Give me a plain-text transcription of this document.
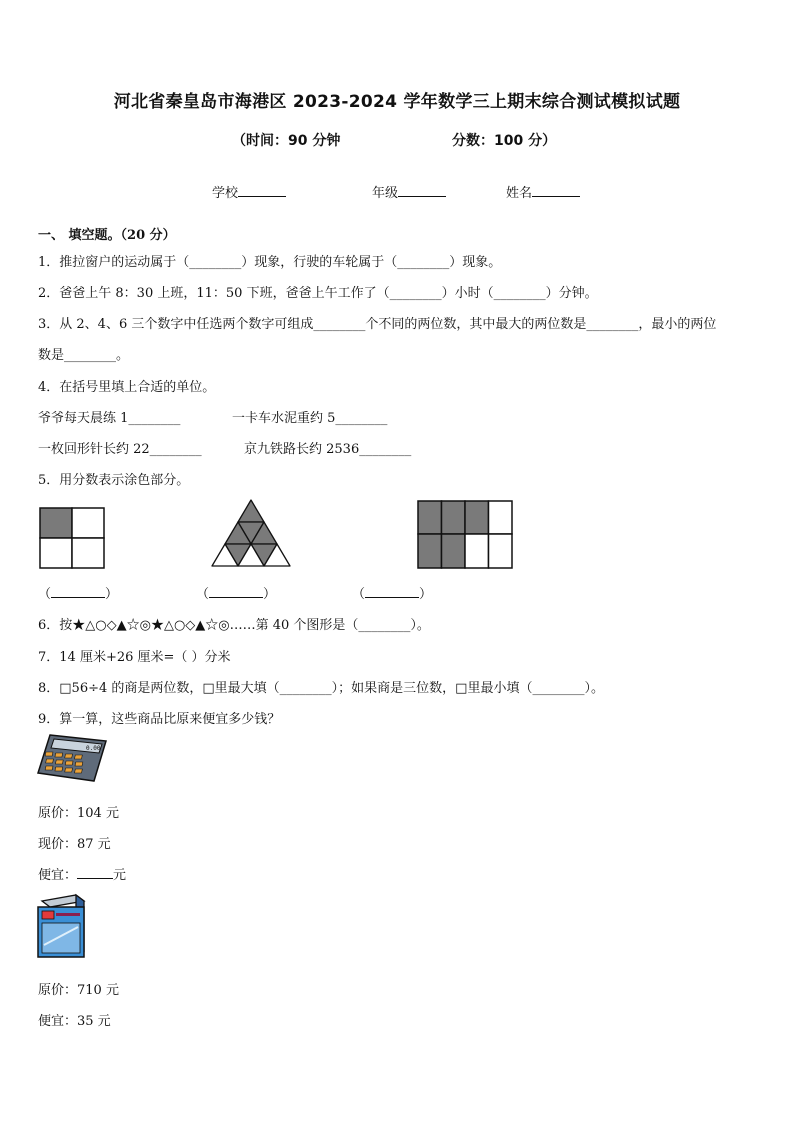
河北省秦皇岛市海港区 2023-2024 学年数学三上期末综合测试模拟试题
（时间：90 分钟	分数：100 分）
学校	年级	姓名
一、 填空题。（20 分）
1．推拉窗户的运动属于（________）现象，行驶的车轮属于（________）现象。
2．爸爸上午 8：30 上班，11：50 下班，爸爸上午工作了（________）小时（________）分钟。
3．从 2、4、6 三个数字中任选两个数字可组成________个不同的两位数，其中最大的两位数是________，最小的两位
数是________。
4．在括号里填上合适的单位。
爷爷每天晨练 1________	一卡车水泥重约 5________
一枚回形针长约 22________	京九铁路长约 2536________
5．用分数表示涂色部分。
（	）	（	）	（	）
6．按★△○◇▲☆◎★△○◇▲☆◎……第 40 个图形是（________）。
7．14 厘米+26 厘米=（ ）分米
8．□56÷4 的商是两位数，□里最大填（________）；如果商是三位数，□里最小填（________）。
9．算一算，这些商品比原来便宜多少钱？
0.00
原价：104 元
现价：87 元
便宜：	元
原价：710 元
便宜：35 元
